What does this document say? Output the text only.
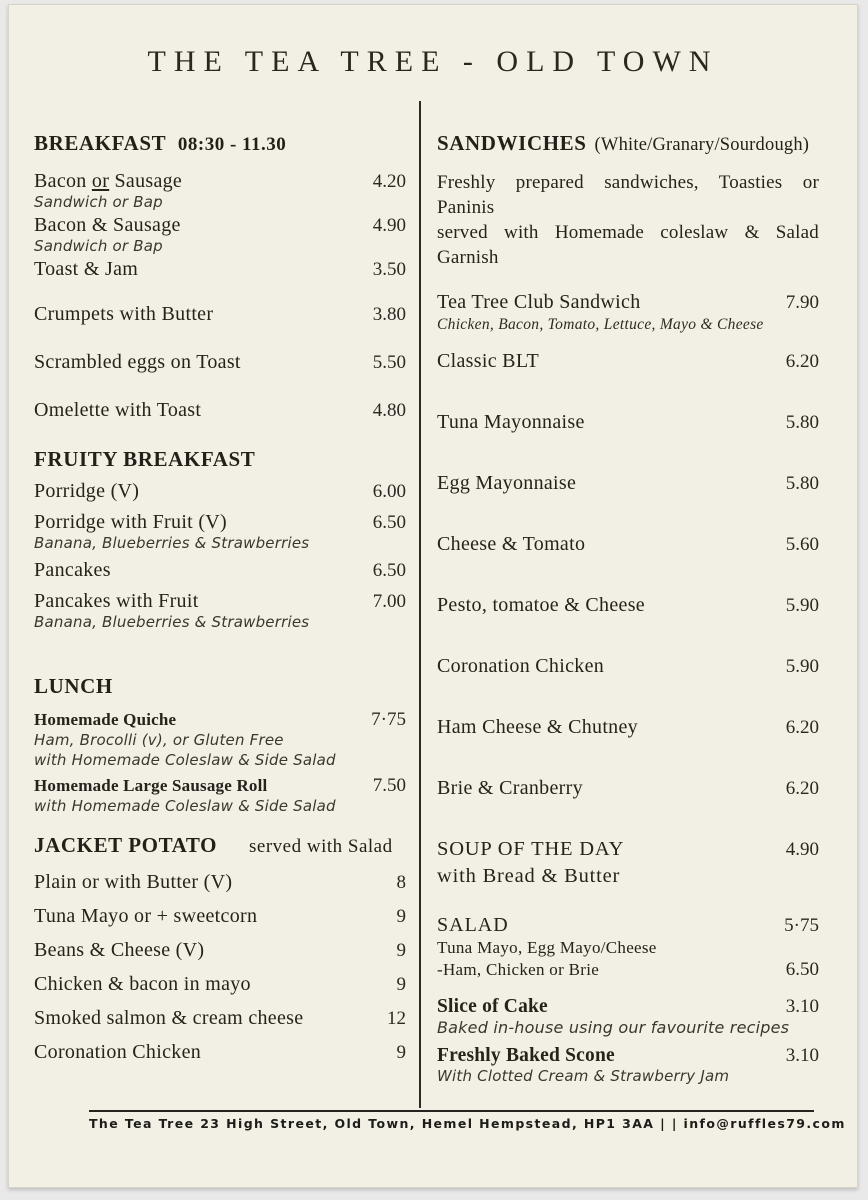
THE TEA TREE - OLD TOWN
BREAKFAST 08:30 - 11.30
Bacon or Sausage	4.20
Sandwich or Bap
Bacon & Sausage	4.90
Sandwich or Bap
Toast & Jam	3.50
Crumpets with Butter	3.80
Scrambled eggs on Toast	5.50
Omelette with Toast	4.80
FRUITY BREAKFAST
Porridge (V)	6.00
Porridge with Fruit (V)	6.50
Banana, Blueberries & Strawberries
Pancakes	6.50
Pancakes with Fruit	7.00
Banana, Blueberries & Strawberries
LUNCH
Homemade Quiche	7·75
Ham, Brocolli (v), or Gluten Free
with Homemade Coleslaw & Side Salad
Homemade Large Sausage Roll	7.50
with Homemade Coleslaw & Side Salad
JACKET POTATO served with Salad
Plain or with Butter (V)	8
Tuna Mayo or + sweetcorn	9
Beans & Cheese (V)	9
Chicken & bacon in mayo	9
Smoked salmon & cream cheese	12
Coronation Chicken	9
SANDWICHES (White/Granary/Sourdough)
Freshly prepared sandwiches, Toasties or Paninis
served with Homemade coleslaw & Salad Garnish
Tea Tree Club Sandwich	7.90
Chicken, Bacon, Tomato, Lettuce, Mayo & Cheese
Classic BLT	6.20
Tuna Mayonnaise	5.80
Egg Mayonnaise	5.80
Cheese & Tomato	5.60
Pesto, tomatoe & Cheese	5.90
Coronation Chicken	5.90
Ham Cheese & Chutney	6.20
Brie & Cranberry	6.20
SOUP OF THE DAY	4.90
with Bread & Butter
SALAD	5·75
Tuna Mayo, Egg Mayo/Cheese
-Ham, Chicken or Brie	6.50
Slice of Cake	3.10
Baked in-house using our favourite recipes
Freshly Baked Scone	3.10
With Clotted Cream & Strawberry Jam
The Tea Tree 23 High Street, Old Town, Hemel Hempstead, HP1 3AA | | info@ruffles79.com
